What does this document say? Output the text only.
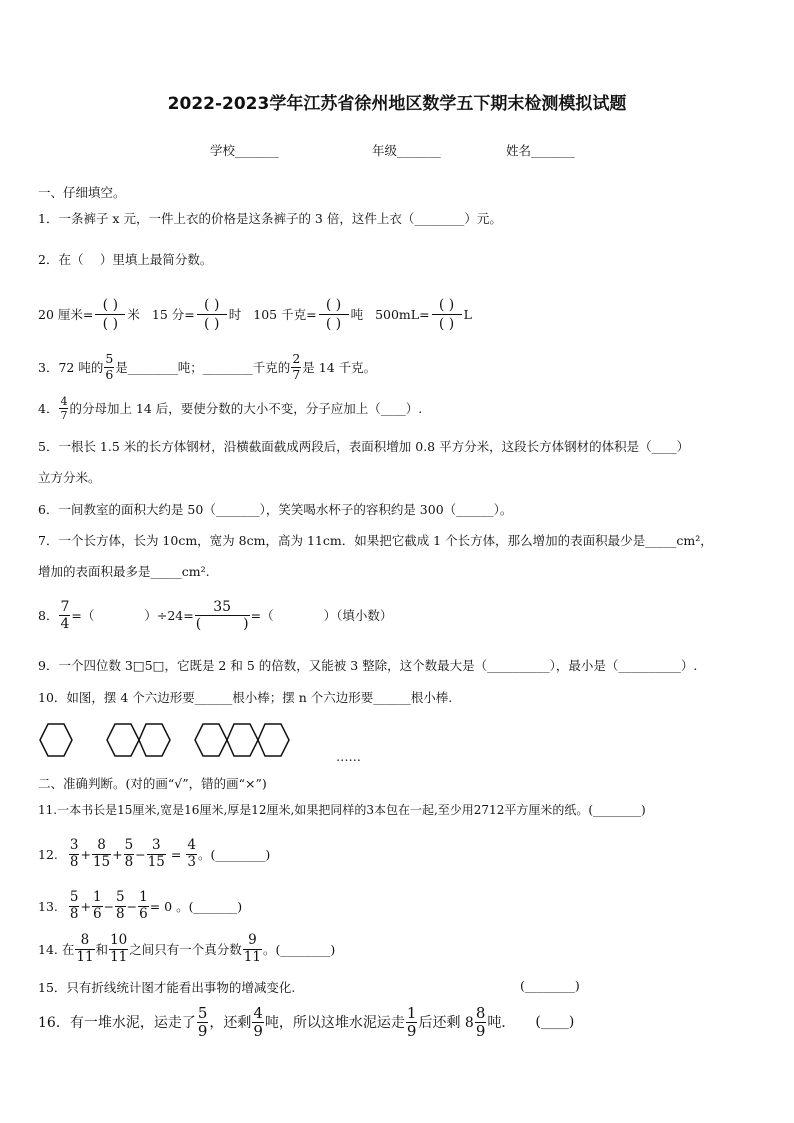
2022-2023学年江苏省徐州地区数学五下期末检测模拟试题
学校_______	年级_______	姓名_______
一、仔细填空。
1．一条裤子 x 元，一件上衣的价格是这条裤子的 3 倍，这件上衣（________）元。
2．在（　 ）里填上最简分数。
20 厘米=
( )
( )
米 15 分=
( )
( )
时 105 千克=
( )
( )
吨 500mL=
( )
( )
L
3．72 吨的 $\frac{5}{6}$ 是________吨；________千克的 $\frac{2}{7}$ 是 14 千克。
4． $\frac{4}{7}$ 的分母加上 14 后，要使分数的大小不变，分子应加上（____）.
5．一根长 1.5 米的长方体钢材，沿横截面截成两段后，表面积增加 0.8 平方分米，这段长方体钢材的体积是（____）
立方分米。
6．一间教室的面积大约是 50（_______），笑笑喝水杯子的容积约是 300（______）。
7．一个长方体，长为 10cm，宽为 8cm，高为 11cm．如果把它截成 1 个长方体，那么增加的表面积最少是_____cm²，
增加的表面积最多是_____cm².
8． $\frac{7}{4}$ =（　　　　）$\div 24= \frac{35}{( )}$ =（　　　　）（填小数）
9．一个四位数 3□5□，它既是 2 和 5 的倍数，又能被 3 整除，这个数最大是（__________），最小是（__________）.
10．如图，摆 4 个六边形要______根小棒；摆 n 个六边形要______根小棒.
……
二、准确判断。(对的画“√”，错的画“×”)
11.一本书长是15厘米,宽是16厘米,厚是12厘米,如果把同样的3本包在一起,至少用2712平方厘米的纸。(________)
12. $\frac{3}{8} + \frac{8}{15} + \frac{5}{8} - \frac{3}{15} = \frac{4}{3}$ 。(________)
13. $\frac{5}{8} + \frac{1}{6} - \frac{5}{8} - \frac{1}{6} = 0$ 。(_______)
14. 在 $\frac{8}{11}$ 和 $\frac{10}{11}$ 之间只有一个真分数 $\frac{9}{11}$ 。(________)
15．只有折线统计图才能看出事物的增减变化.	(________)
16．有一堆水泥，运走了 $\frac{5}{9}$ ，还剩 $\frac{4}{9}$ 吨，所以这堆水泥运走 $\frac{1}{9}$ 后还剩 $8 \frac{8}{9}$ 吨． (____)
